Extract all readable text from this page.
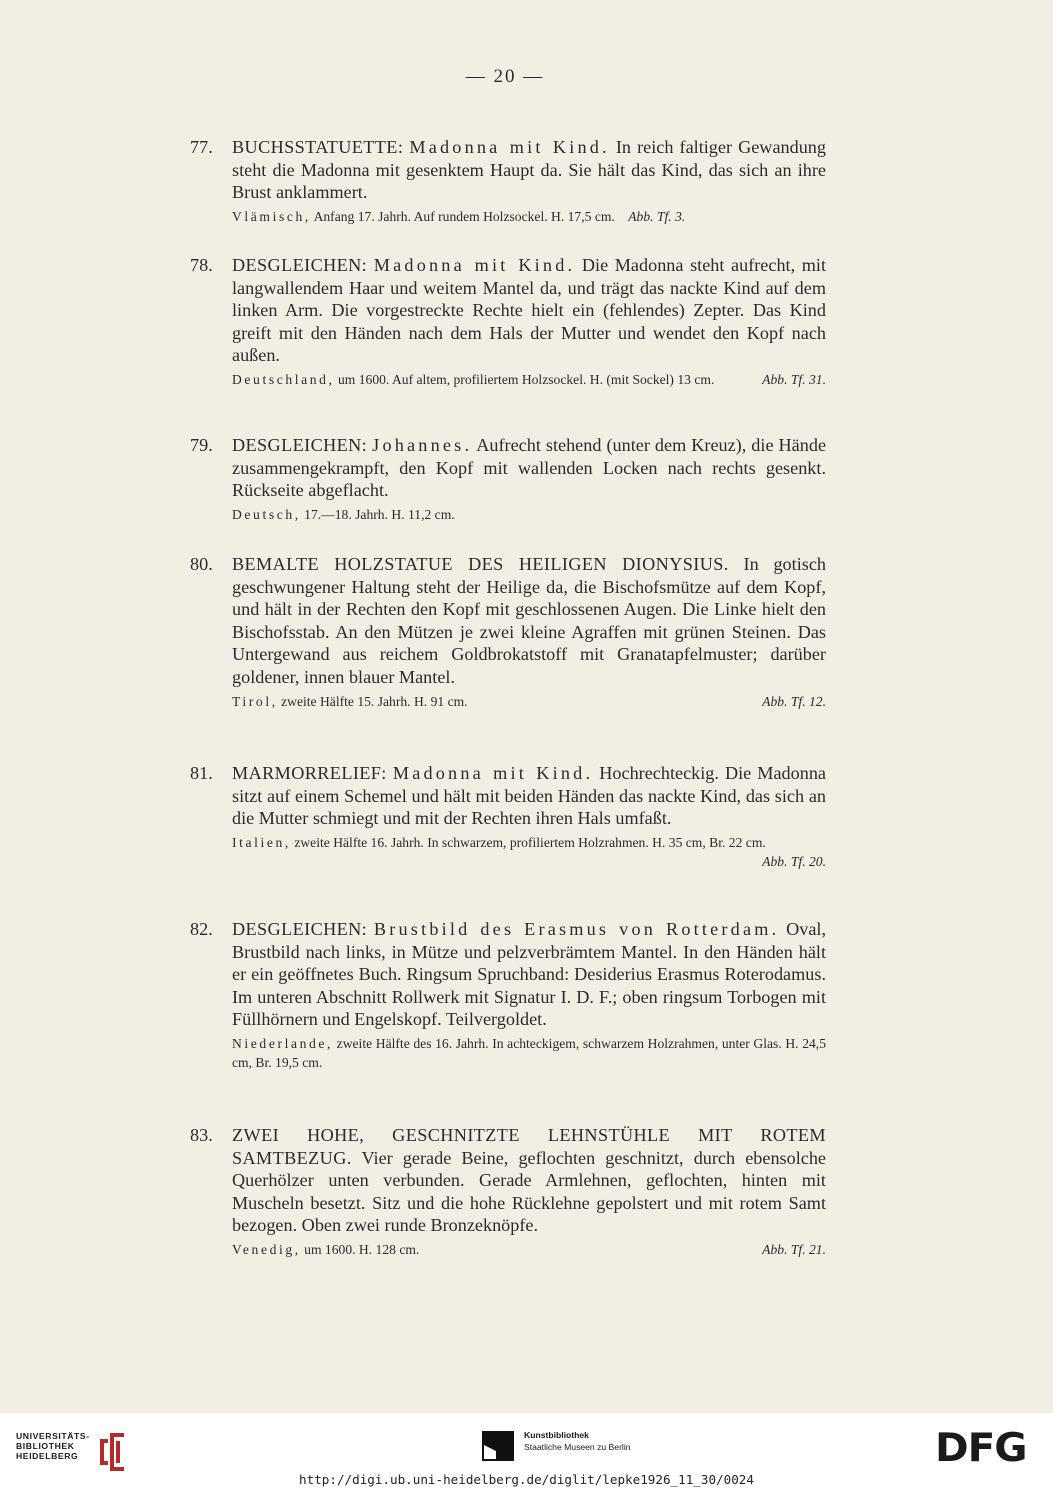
— 20 —

77. BUCHSSTATUETTE: Madonna mit Kind. In reich faltiger Gewandung steht die Madonna mit gesenktem Haupt da. Sie hält das Kind, das sich an ihre Brust anklammert.

Vlämisch, Anfang 17. Jahrh. Auf rundem Holzsockel. H. 17,5 cm. Abb. Tf. 3.

78. DESGLEICHEN: Madonna mit Kind. Die Madonna steht aufrecht, mit langwallendem Haar und weitem Mantel da, und trägt das nackte Kind auf dem linken Arm. Die vorgestreckte Rechte hielt ein (fehlendes) Zepter. Das Kind greift mit den Händen nach dem Hals der Mutter und wendet den Kopf nach außen.

Deutschland, um 1600. Auf altem, profiliertem Holzsockel. H. (mit Sockel) 13 cm.	Abb. Tf. 31.

79. DESGLEICHEN: Johannes. Aufrecht stehend (unter dem Kreuz), die Hände zusammengekrampft, den Kopf mit wallenden Locken nach rechts gesenkt. Rückseite abgeflacht.

Deutsch, 17.—18. Jahrh. H. 11,2 cm.

80. BEMALTE HOLZSTATUE DES HEILIGEN DIONYSIUS. In gotisch geschwungener Haltung steht der Heilige da, die Bischofsmütze auf dem Kopf, und hält in der Rechten den Kopf mit geschlossenen Augen. Die Linke hielt den Bischofsstab. An den Mützen je zwei kleine Agraffen mit grünen Steinen. Das Untergewand aus reichem Goldbrokatstoff mit Granatapfelmuster; darüber goldener, innen blauer Mantel.

Tirol, zweite Hälfte 15. Jahrh. H. 91 cm.	Abb. Tf. 12.

81. MARMORRELIEF: Madonna mit Kind. Hochrechteckig. Die Madonna sitzt auf einem Schemel und hält mit beiden Händen das nackte Kind, das sich an die Mutter schmiegt und mit der Rechten ihren Hals umfaßt.

Italien, zweite Hälfte 16. Jahrh. In schwarzem, profiliertem Holzrahmen. H. 35 cm, Br. 22 cm.
Abb. Tf. 20.

82. DESGLEICHEN: Brustbild des Erasmus von Rotterdam. Oval, Brustbild nach links, in Mütze und pelzverbrämtem Mantel. In den Händen hält er ein geöffnetes Buch. Ringsum Spruchband: Desiderius Erasmus Roterodamus. Im unteren Abschnitt Rollwerk mit Signatur I. D. F.; oben ringsum Torbogen mit Füllhörnern und Engelskopf. Teilvergoldet.

Niederlande, zweite Hälfte des 16. Jahrh. In achteckigem, schwarzem Holzrahmen, unter Glas. H. 24,5 cm, Br. 19,5 cm.

83. ZWEI HOHE, GESCHNITZTE LEHNSTÜHLE MIT ROTEM SAMTBEZUG. Vier gerade Beine, geflochten geschnitzt, durch ebensolche Querhölzer unten verbunden. Gerade Armlehnen, geflochten, hinten mit Muscheln besetzt. Sitz und die hohe Rücklehne gepolstert und mit rotem Samt bezogen. Oben zwei runde Bronzeknöpfe.

Venedig, um 1600. H. 128 cm.	Abb. Tf. 21.

UNIVERSITÄTS-
BIBLIOTHEK
HEIDELBERG
Kunstbibliothek
Staatliche Museen zu Berlin	DFG
http://digi.ub.uni-heidelberg.de/diglit/lepke1926_11_30/0024
